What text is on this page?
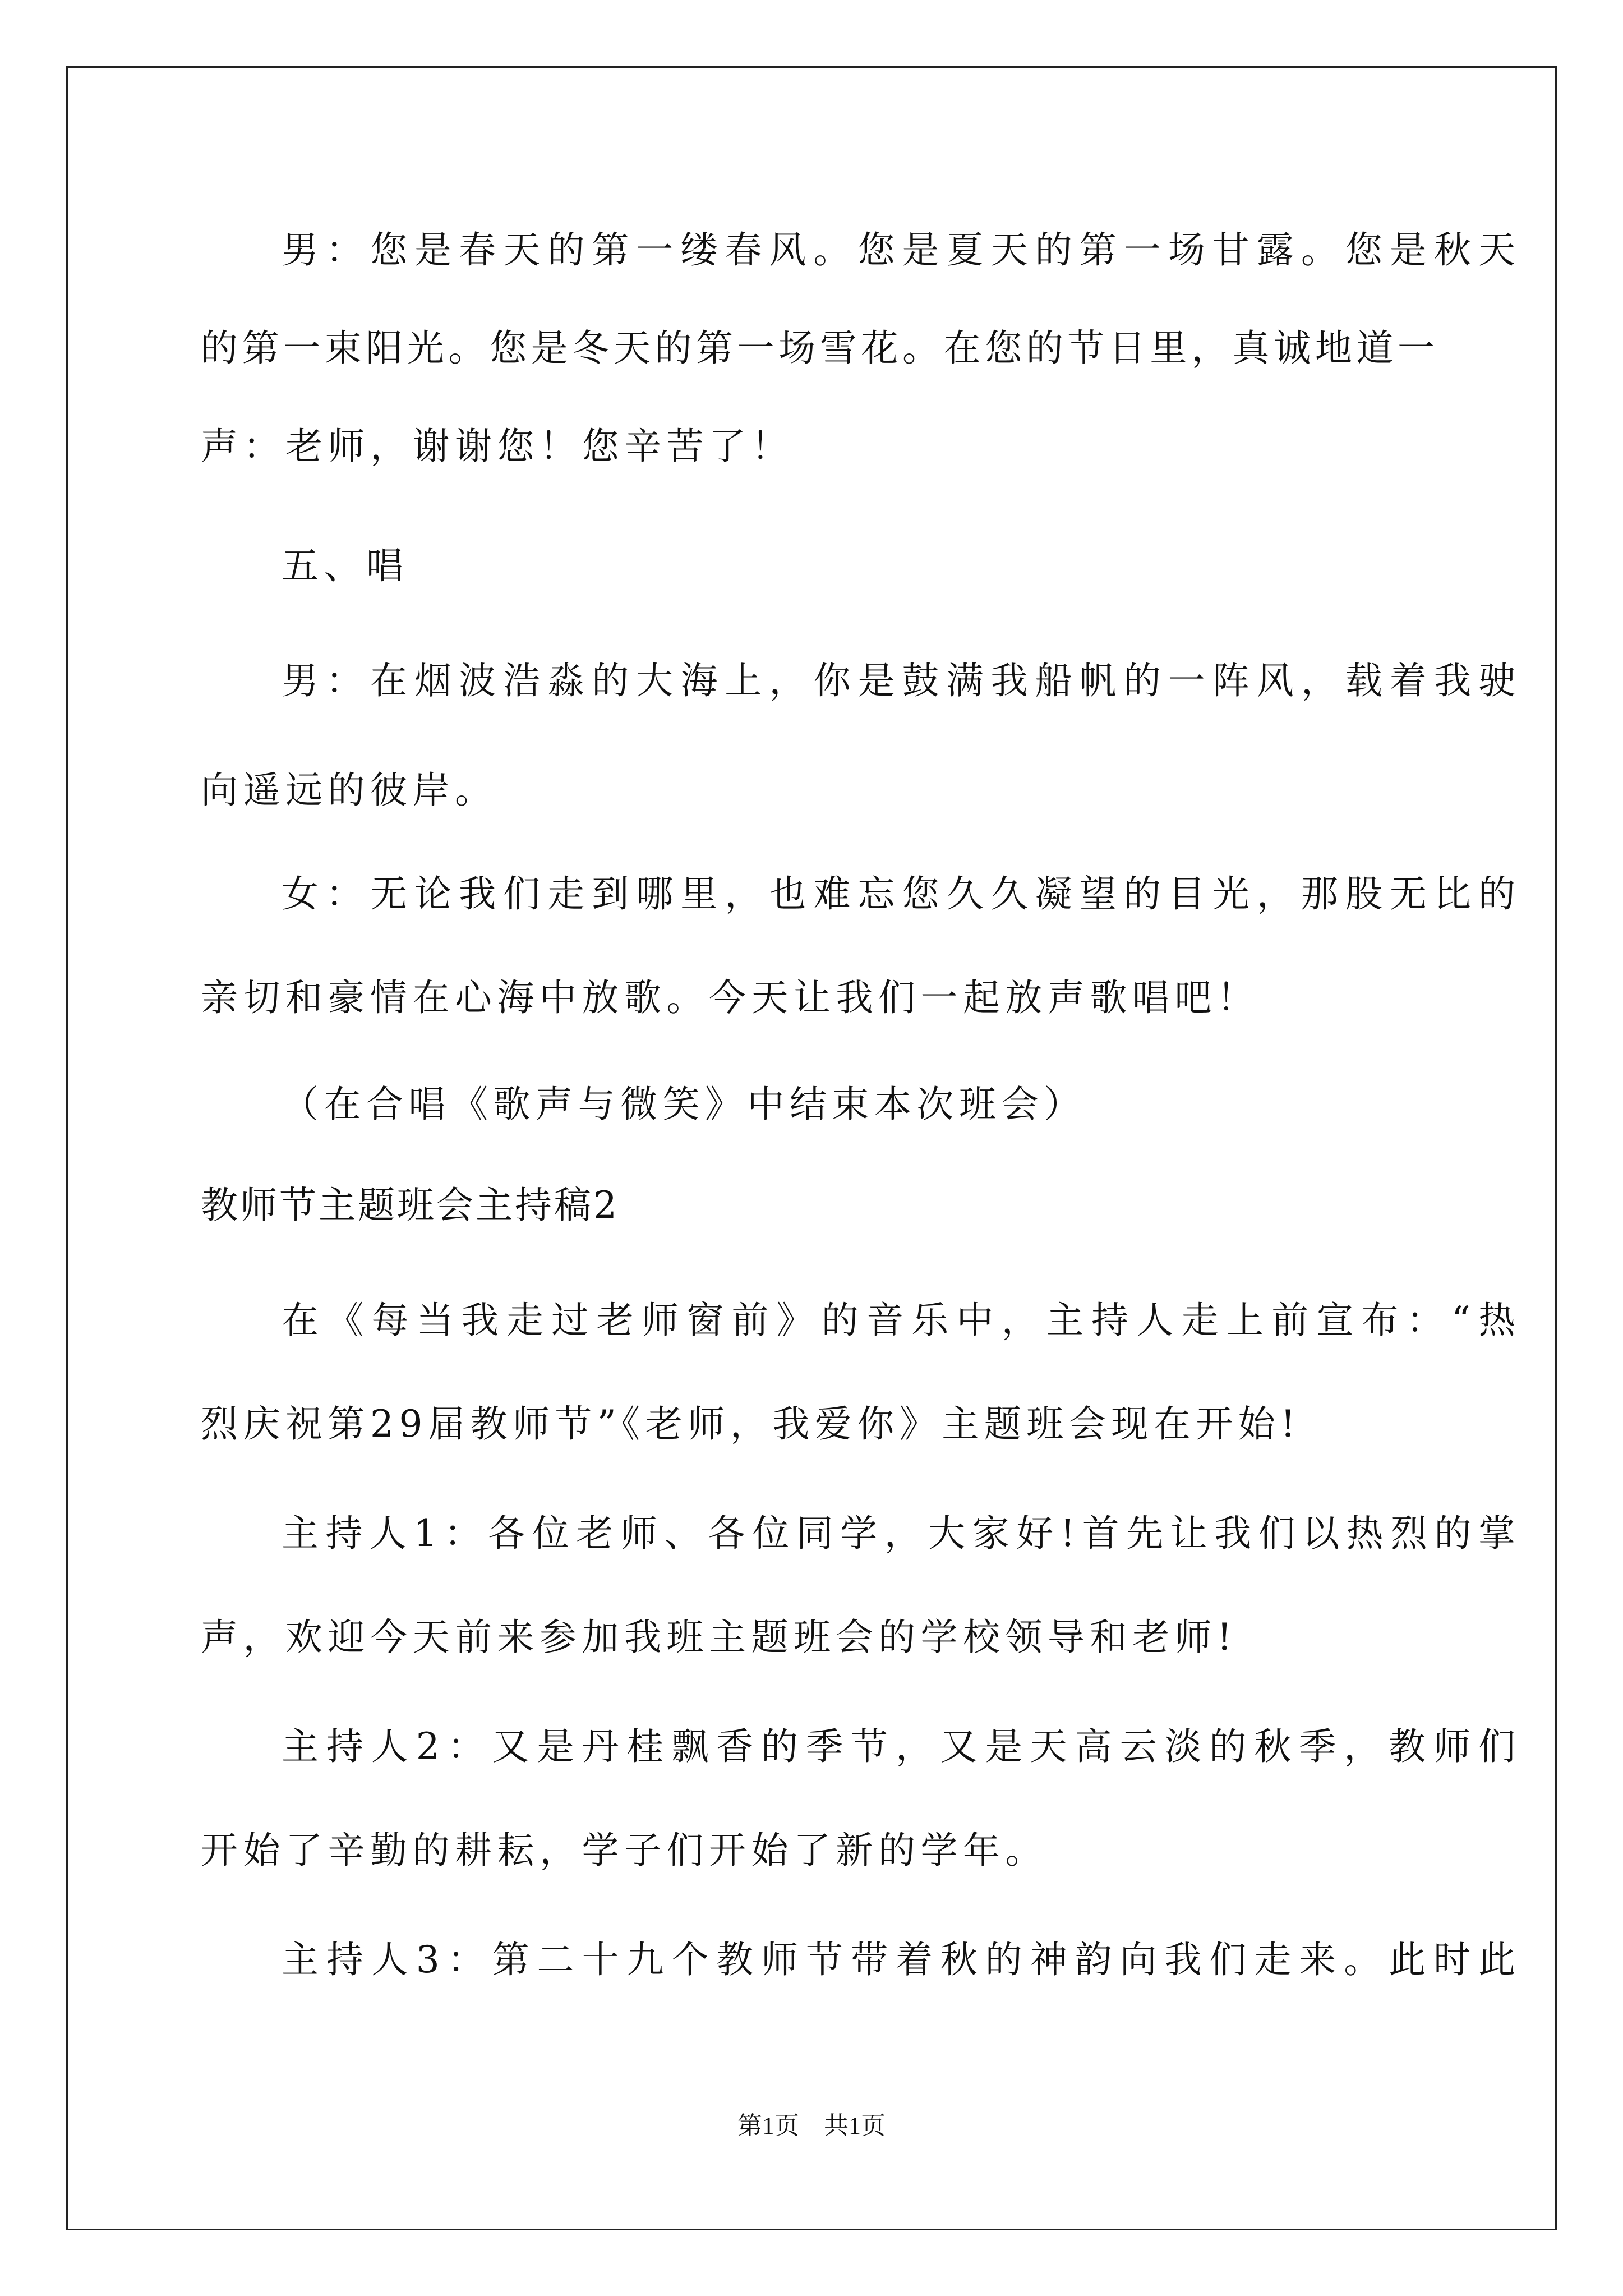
男：您是春天的第一缕春风。您是夏天的第一场甘露。您是秋天
的第一束阳光。您是冬天的第一场雪花。在您的节日里，真诚地道一
声：老师，谢谢您！您辛苦了！
五、唱
男：在烟波浩淼的大海上，你是鼓满我船帆的一阵风，载着我驶
向遥远的彼岸。
女：无论我们走到哪里，也难忘您久久凝望的目光，那股无比的
亲切和豪情在心海中放歌。今天让我们一起放声歌唱吧！
（在合唱《歌声与微笑》中结束本次班会）
教师节主题班会主持稿2
在《每当我走过老师窗前》的音乐中，主持人走上前宣布：“热
烈庆祝第29届教师节”《老师，我爱你》主题班会现在开始!
主持人1：各位老师、各位同学，大家好!首先让我们以热烈的掌
声，欢迎今天前来参加我班主题班会的学校领导和老师!
主持人2：又是丹桂飘香的季节，又是天高云淡的秋季，教师们
开始了辛勤的耕耘，学子们开始了新的学年。
主持人3：第二十九个教师节带着秋的神韵向我们走来。此时此
第1页　共1页
